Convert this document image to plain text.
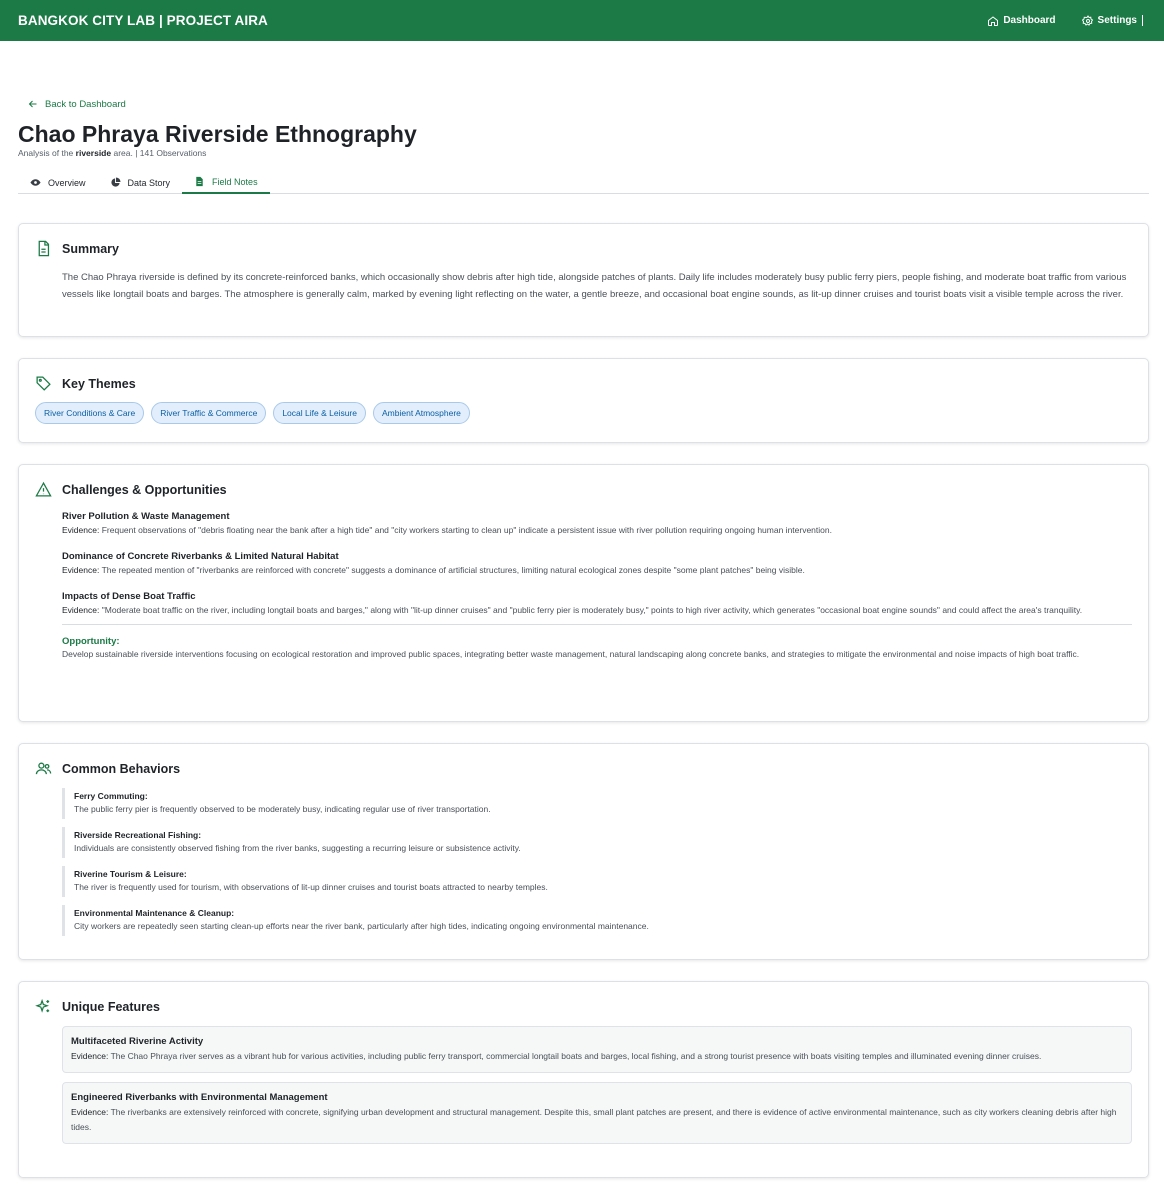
BANGKOK CITY LAB | PROJECT AIRA	Dashboard	Settings
Back to Dashboard
Chao Phraya Riverside Ethnography
Analysis of the riverside area. | 141 Observations
Overview	Data Story	Field Notes
Summary

The Chao Phraya riverside is defined by its concrete-reinforced banks, which occasionally show debris after high tide, alongside patches of plants. Daily life includes moderately busy public ferry piers, people fishing, and moderate boat traffic from various vessels like longtail boats and barges. The atmosphere is generally calm, marked by evening light reflecting on the water, a gentle breeze, and occasional boat engine sounds, as lit-up dinner cruises and tourist boats visit a visible temple across the river.

Key Themes
River Conditions & Care	River Traffic & Commerce	Local Life & Leisure	Ambient Atmosphere
Challenges & Opportunities
River Pollution & Waste Management
Evidence: Frequent observations of "debris floating near the bank after a high tide" and "city workers starting to clean up" indicate a persistent issue with river pollution requiring ongoing human intervention.
Dominance of Concrete Riverbanks & Limited Natural Habitat
Evidence: The repeated mention of "riverbanks are reinforced with concrete" suggests a dominance of artificial structures, limiting natural ecological zones despite "some plant patches" being visible.
Impacts of Dense Boat Traffic
Evidence: "Moderate boat traffic on the river, including longtail boats and barges," along with "lit-up dinner cruises" and "public ferry pier is moderately busy," points to high river activity, which generates "occasional boat engine sounds" and could affect the area's tranquility.
Opportunity:
Develop sustainable riverside interventions focusing on ecological restoration and improved public spaces, integrating better waste management, natural landscaping along concrete banks, and strategies to mitigate the environmental and noise impacts of high boat traffic.
Common Behaviors
Ferry Commuting:
The public ferry pier is frequently observed to be moderately busy, indicating regular use of river transportation.
Riverside Recreational Fishing:
Individuals are consistently observed fishing from the river banks, suggesting a recurring leisure or subsistence activity.
Riverine Tourism & Leisure:
The river is frequently used for tourism, with observations of lit-up dinner cruises and tourist boats attracted to nearby temples.
Environmental Maintenance & Cleanup:
City workers are repeatedly seen starting clean-up efforts near the river bank, particularly after high tides, indicating ongoing environmental maintenance.
Unique Features
Multifaceted Riverine Activity
Evidence: The Chao Phraya river serves as a vibrant hub for various activities, including public ferry transport, commercial longtail boats and barges, local fishing, and a strong tourist presence with boats visiting temples and illuminated evening dinner cruises.
Engineered Riverbanks with Environmental Management
Evidence: The riverbanks are extensively reinforced with concrete, signifying urban development and structural management. Despite this, small plant patches are present, and there is evidence of active environmental maintenance, such as city workers cleaning debris after high tides.
